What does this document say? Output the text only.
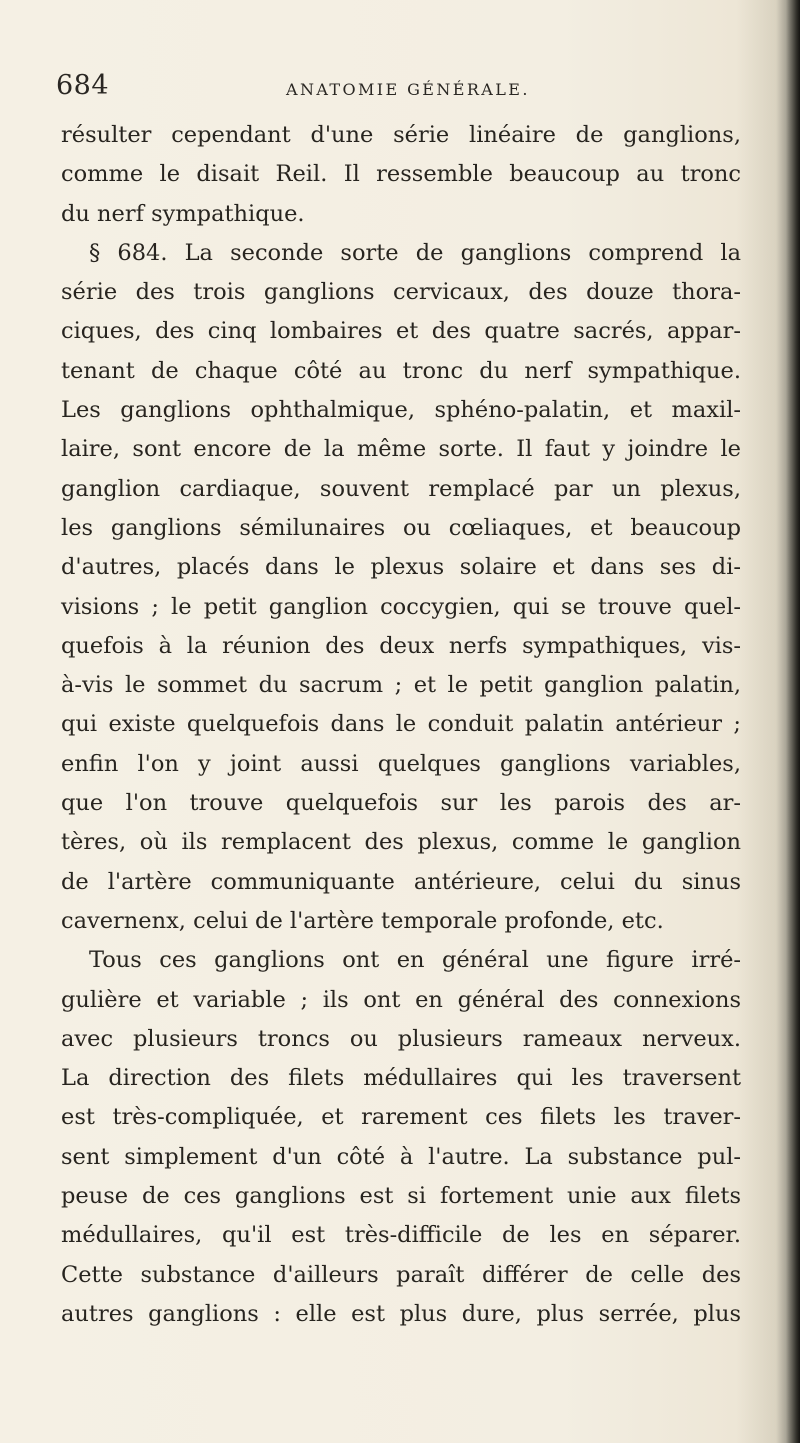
684	ANATOMIE GÉNÉRALE.
résulter cependant d'une série linéaire de ganglions,
comme le disait Reil. Il ressemble beaucoup au tronc
du nerf sympathique.
§ 684. La seconde sorte de ganglions comprend la
série des trois ganglions cervicaux, des douze thora-
ciques, des cinq lombaires et des quatre sacrés, appar-
tenant de chaque côté au tronc du nerf sympathique.
Les ganglions ophthalmique, sphéno-palatin, et maxil-
laire, sont encore de la même sorte. Il faut y joindre le
ganglion cardiaque, souvent remplacé par un plexus,
les ganglions sémilunaires ou cœliaques, et beaucoup
d'autres, placés dans le plexus solaire et dans ses di-
visions ; le petit ganglion coccygien, qui se trouve quel-
quefois à la réunion des deux nerfs sympathiques, vis-
à-vis le sommet du sacrum ; et le petit ganglion palatin,
qui existe quelquefois dans le conduit palatin antérieur ;
enfin l'on y joint aussi quelques ganglions variables,
que l'on trouve quelquefois sur les parois des ar-
tères, où ils remplacent des plexus, comme le ganglion
de l'artère communiquante antérieure, celui du sinus
cavernenx, celui de l'artère temporale profonde, etc.
Tous ces ganglions ont en général une figure irré-
gulière et variable ; ils ont en général des connexions
avec plusieurs troncs ou plusieurs rameaux nerveux.
La direction des filets médullaires qui les traversent
est très-compliquée, et rarement ces filets les traver-
sent simplement d'un côté à l'autre. La substance pul-
peuse de ces ganglions est si fortement unie aux filets
médullaires, qu'il est très-difficile de les en séparer.
Cette substance d'ailleurs paraît différer de celle des
autres ganglions : elle est plus dure, plus serrée, plus
